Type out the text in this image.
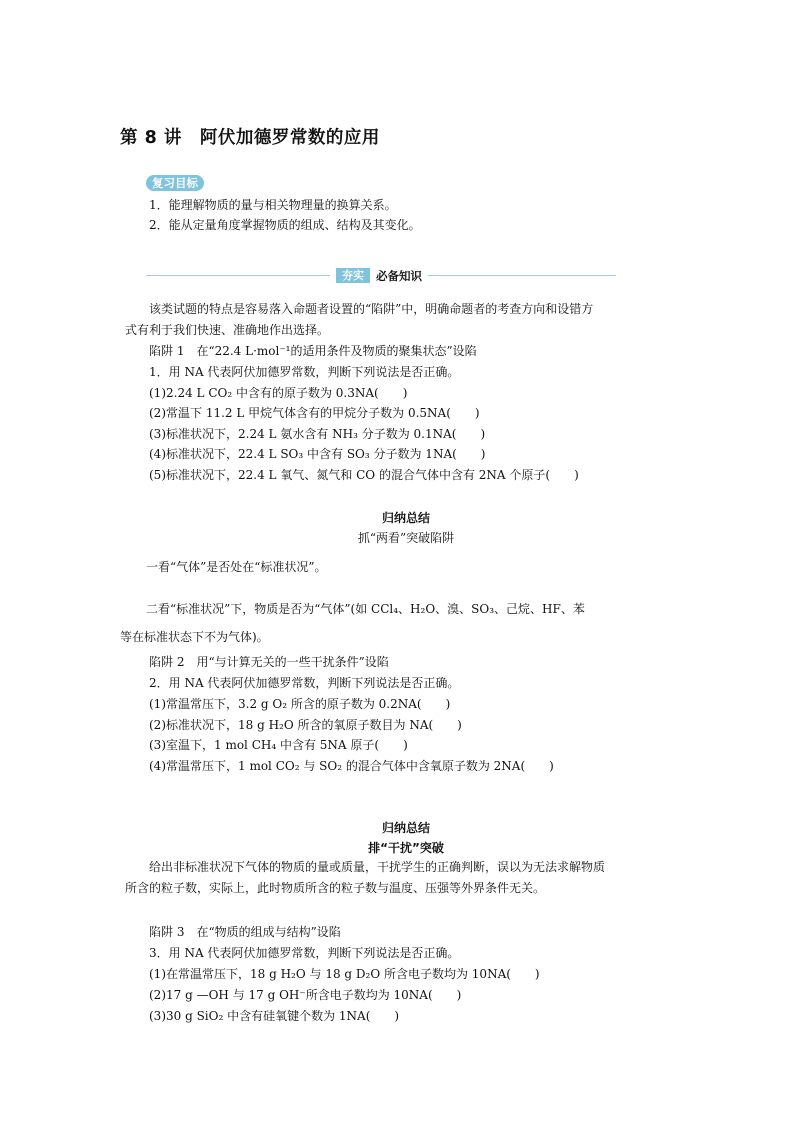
第 8 讲　阿伏加德罗常数的应用
复习目标
1．能理解物质的量与相关物理量的换算关系。
2．能从定量角度掌握物质的组成、结构及其变化。
夯实	必备知识
　　该类试题的特点是容易落入命题者设置的“陷阱”中，明确命题者的考查方向和设错方
式有利于我们快速、准确地作出选择。
　　陷阱 1　在“22.4 L·mol⁻¹的适用条件及物质的聚集状态”设陷
　　1．用 NA 代表阿伏加德罗常数，判断下列说法是否正确。
　　(1)2.24 L CO₂ 中含有的原子数为 0.3NA(　　)
　　(2)常温下 11.2 L 甲烷气体含有的甲烷分子数为 0.5NA(　　)
　　(3)标准状况下，2.24 L 氨水含有 NH₃ 分子数为 0.1NA(　　)
　　(4)标准状况下，22.4 L SO₃ 中含有 SO₃ 分子数为 1NA(　　)
　　(5)标准状况下，22.4 L 氧气、氮气和 CO 的混合气体中含有 2NA 个原子(　　)
归纳总结
抓“两看”突破陷阱
一看“气体”是否处在“标准状况”。
二看“标准状况”下，物质是否为“气体”(如 CCl₄、H₂O、溴、SO₃、己烷、HF、苯
等在标准状态下不为气体)。
　　陷阱 2　用“与计算无关的一些干扰条件”设陷
　　2．用 NA 代表阿伏加德罗常数，判断下列说法是否正确。
　　(1)常温常压下，3.2 g O₂ 所含的原子数为 0.2NA(　　)
　　(2)标准状况下，18 g H₂O 所含的氧原子数目为 NA(　　)
　　(3)室温下，1 mol CH₄ 中含有 5NA 原子(　　)
　　(4)常温常压下，1 mol CO₂ 与 SO₂ 的混合气体中含氧原子数为 2NA(　　)
归纳总结
排“干扰”突破
　　给出非标准状况下气体的物质的量或质量，干扰学生的正确判断，误以为无法求解物质
所含的粒子数，实际上，此时物质所含的粒子数与温度、压强等外界条件无关。
　　陷阱 3　在“物质的组成与结构”设陷
　　3．用 NA 代表阿伏加德罗常数，判断下列说法是否正确。
　　(1)在常温常压下，18 g H₂O 与 18 g D₂O 所含电子数均为 10NA(　　)
　　(2)17 g —OH 与 17 g OH⁻所含电子数均为 10NA(　　)
　　(3)30 g SiO₂ 中含有硅氧键个数为 1NA(　　)
